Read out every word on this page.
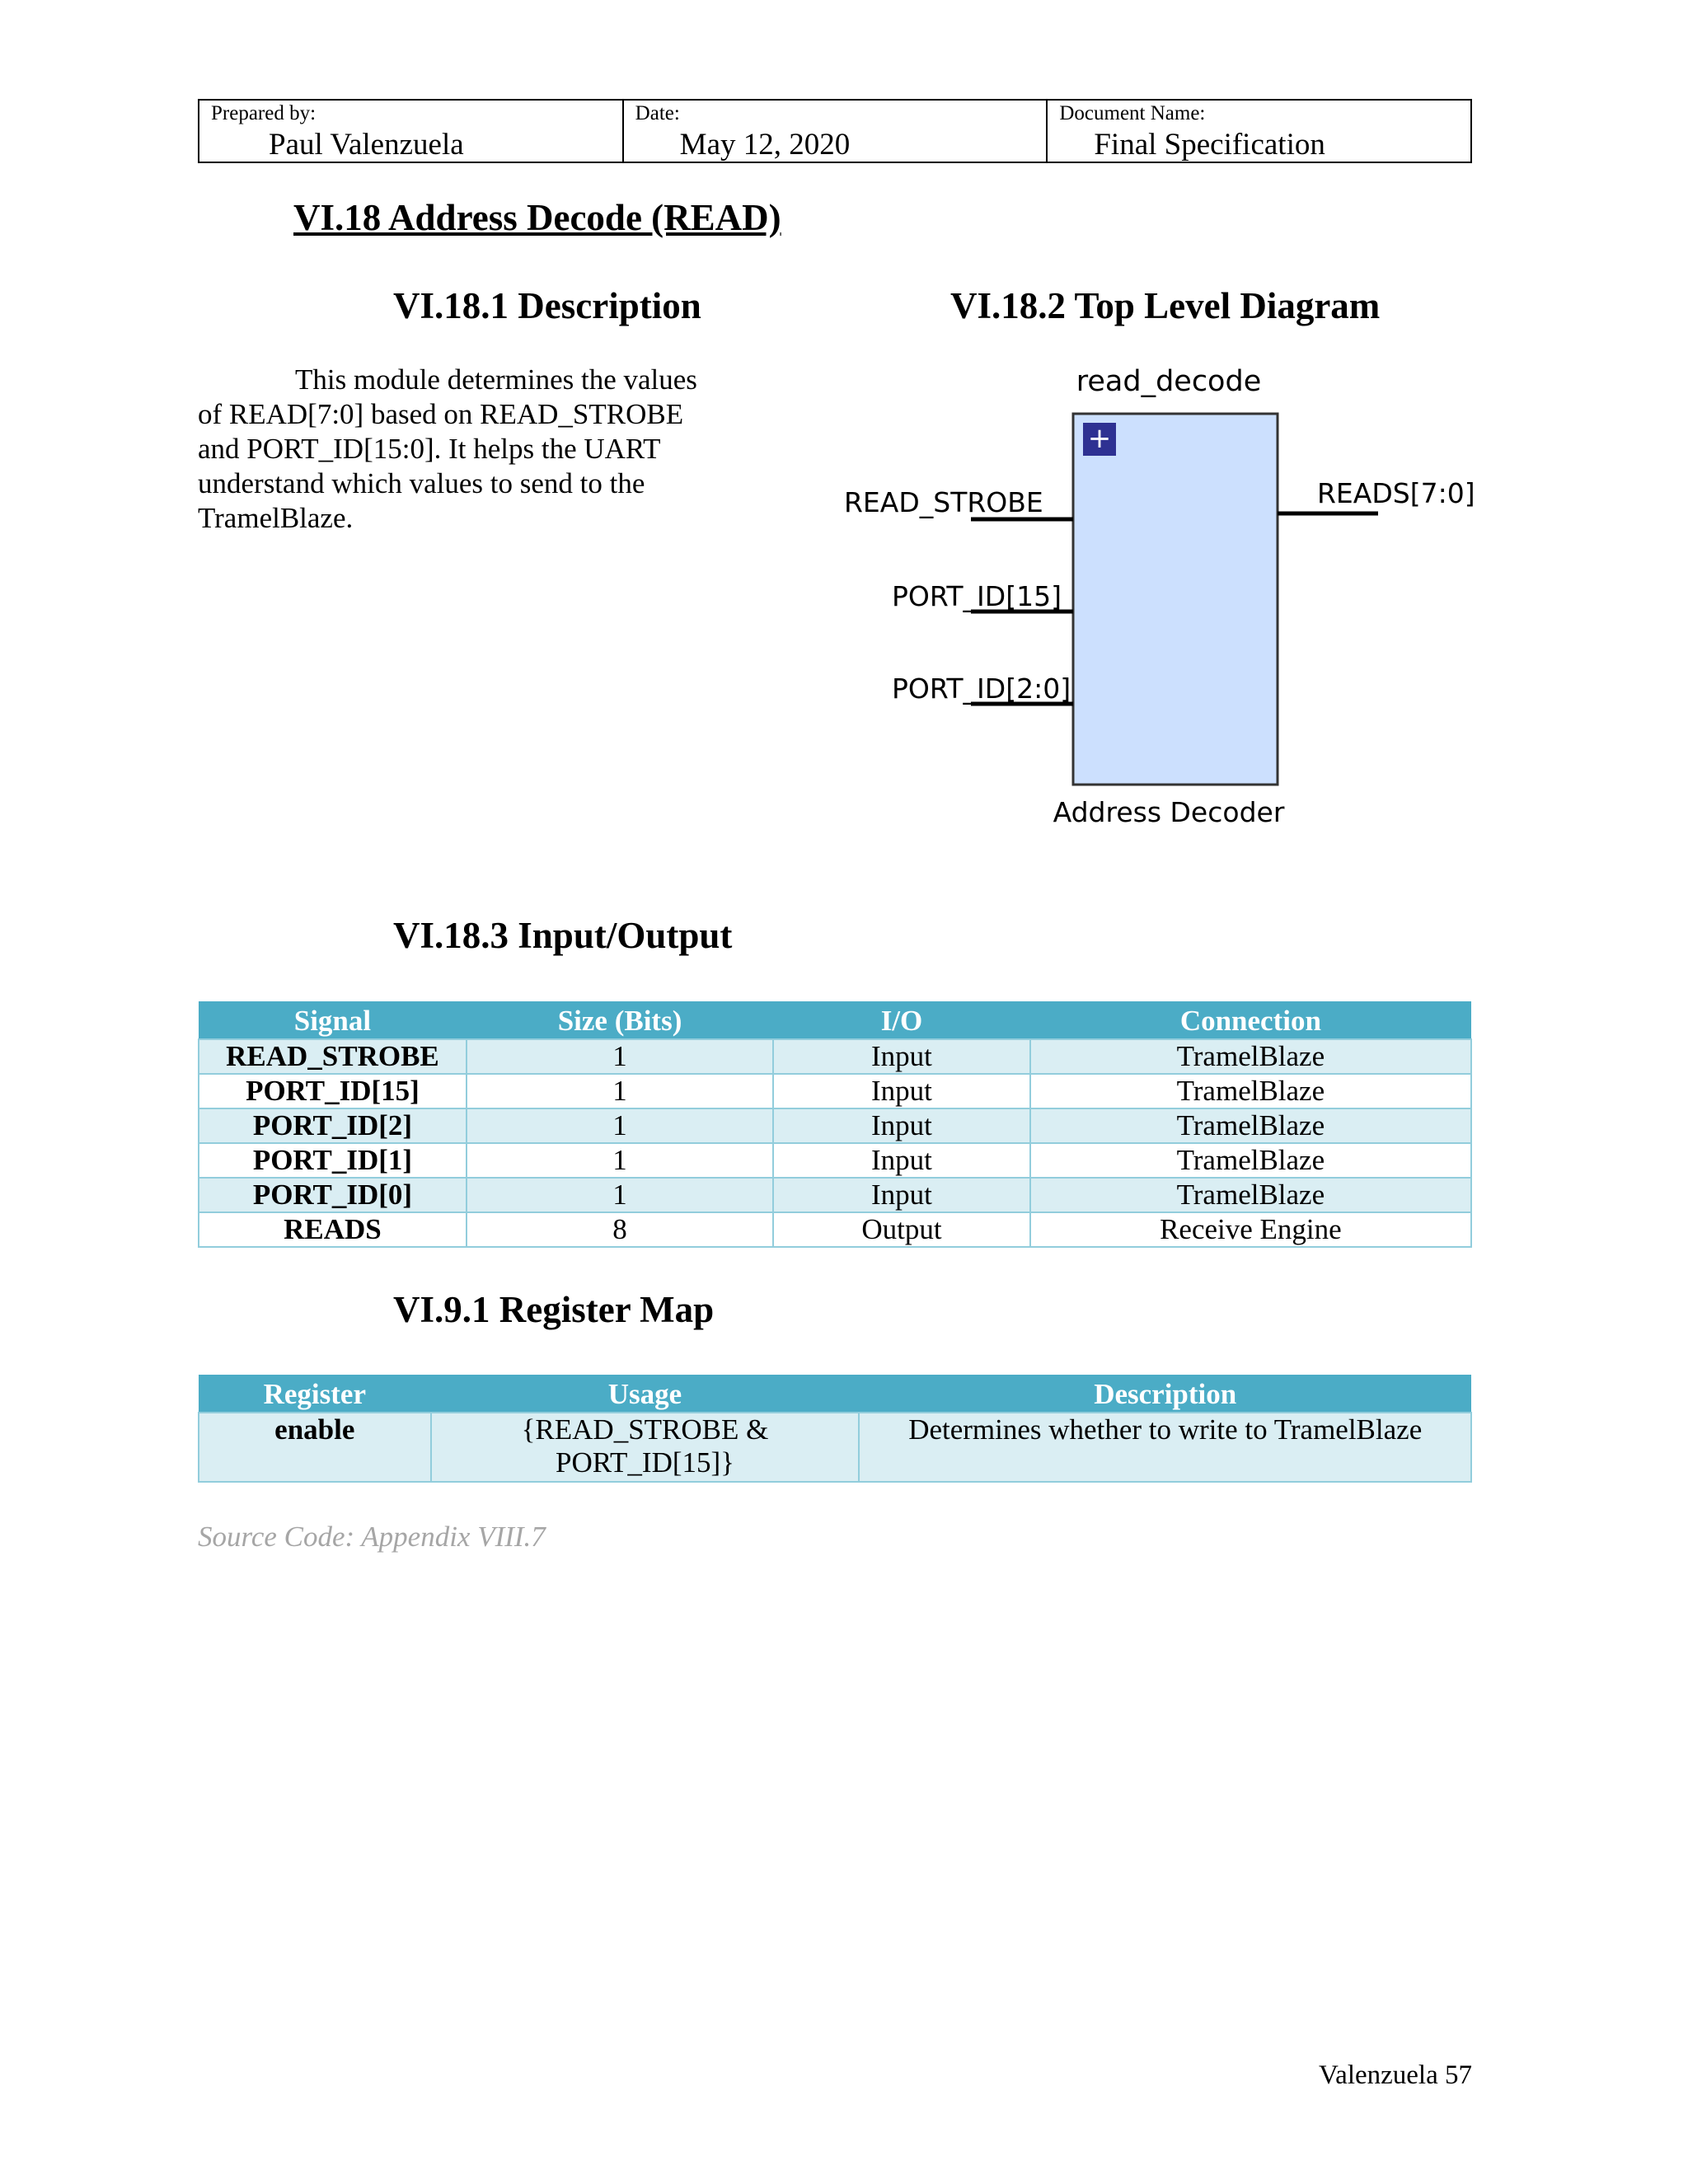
Prepared by:
Paul Valenzuela
Date:
May 12, 2020
Document Name:
Final Specification
VI.18 Address Decode (READ)
VI.18.1 Description
This module determines the values of READ[7:0] based on READ_STROBE and PORT_ID[15:0]. It helps the UART understand which values to send to the TramelBlaze.
VI.18.2 Top Level Diagram
read_decode
+
READ_STROBE
PORT_ID[15]
PORT_ID[2:0]
READS[7:0]
Address Decoder
VI.18.3 Input/Output
Signal	Size (Bits)	I/O	Connection
READ_STROBE	1	Input	TramelBlaze
PORT_ID[15]	1	Input	TramelBlaze
PORT_ID[2]	1	Input	TramelBlaze
PORT_ID[1]	1	Input	TramelBlaze
PORT_ID[0]	1	Input	TramelBlaze
READS	8	Output	Receive Engine
VI.9.1 Register Map
Register	Usage	Description
enable	{READ_STROBE & PORT_ID[15]}	Determines whether to write to TramelBlaze
Source Code: Appendix VIII.7
Valenzuela 57
